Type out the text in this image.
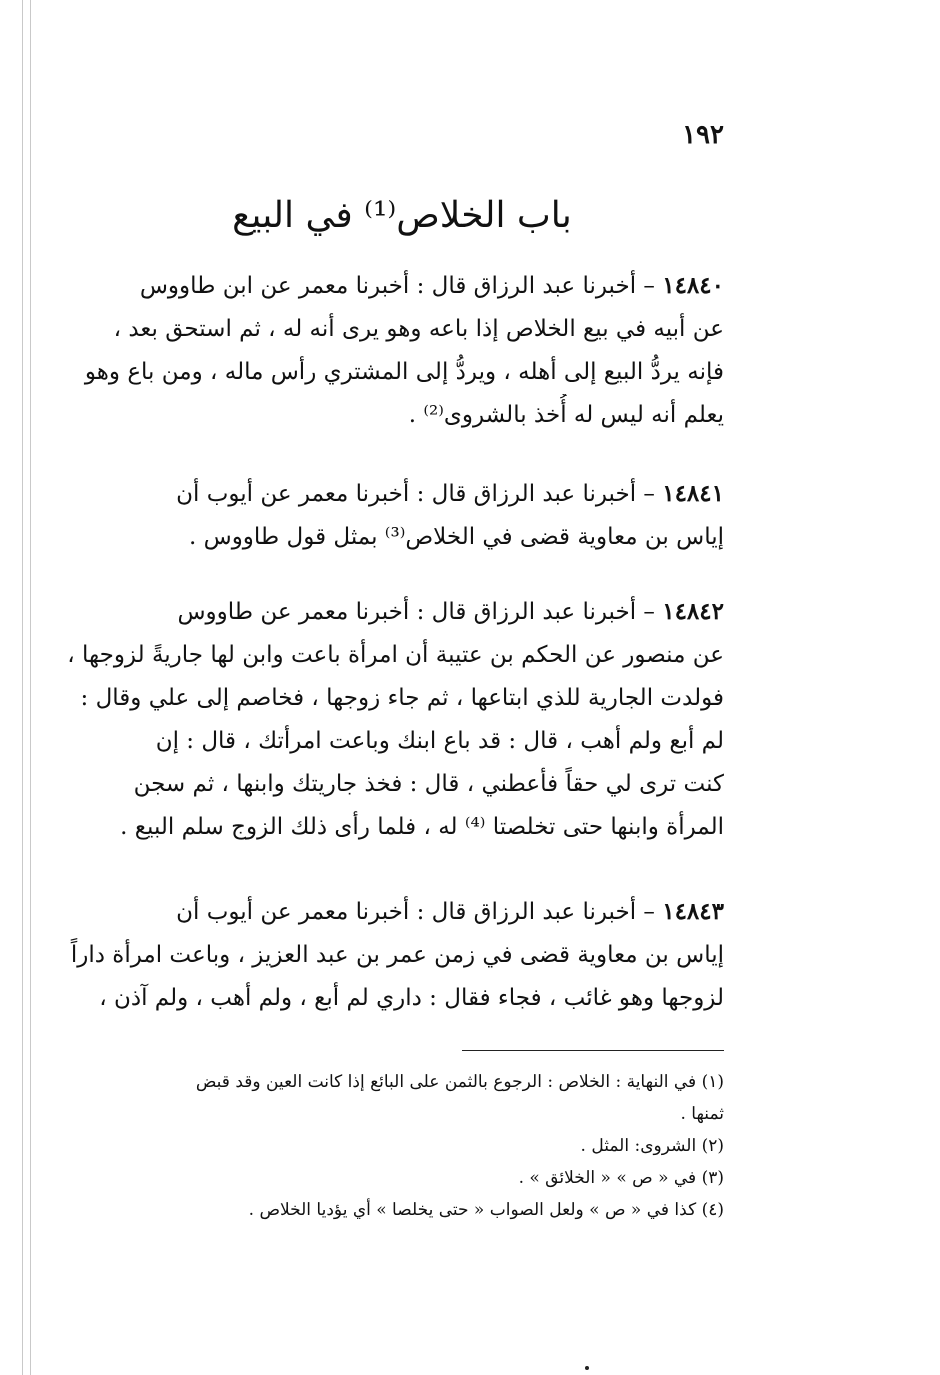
١٩٢
باب الخلاص⁽¹⁾ في البيع
١٤٨٤٠ – أخبرنا عبد الرزاق قال : أخبرنا معمر عن ابن طاووس
عن أبيه في بيع الخلاص إذا باعه وهو يرى أنه له ، ثم استحق بعد ،
فإنه يردُّ البيع إلى أهله ، ويردُّ إلى المشتري رأس ماله ، ومن باع وهو
يعلم أنه ليس له أُخذ بالشروى⁽²⁾ .
١٤٨٤١ – أخبرنا عبد الرزاق قال : أخبرنا معمر عن أيوب أن
إياس بن معاوية قضى في الخلاص⁽³⁾ بمثل قول طاووس .
١٤٨٤٢ – أخبرنا عبد الرزاق قال : أخبرنا معمر عن طاووس
عن منصور عن الحكم بن عتيبة أن امرأة باعت وابن لها جاريةً لزوجها ،
فولدت الجارية للذي ابتاعها ، ثم جاء زوجها ، فخاصم إلى علي وقال :
لم أبع ولم أهب ، قال : قد باع ابنك وباعت امرأتك ، قال : إن
كنت ترى لي حقاً فأعطني ، قال : فخذ جاريتك وابنها ، ثم سجن
المرأة وابنها حتى تخلصتا ⁽⁴⁾ له ، فلما رأى ذلك الزوج سلم البيع .
١٤٨٤٣ – أخبرنا عبد الرزاق قال : أخبرنا معمر عن أيوب أن
إياس بن معاوية قضى في زمن عمر بن عبد العزيز ، وباعت امرأة داراً
لزوجها وهو غائب ، فجاء فقال : داري لم أبع ، ولم أهب ، ولم آذن ،
(١) في النهاية : الخلاص : الرجوع بالثمن على البائع إذا كانت العين وقد قبض
ثمنها .
(٢) الشروى: المثل .
(٣) في « ص » « الخلائق » .
(٤) كذا في « ص » ولعل الصواب « حتى يخلصا » أي يؤديا الخلاص .
